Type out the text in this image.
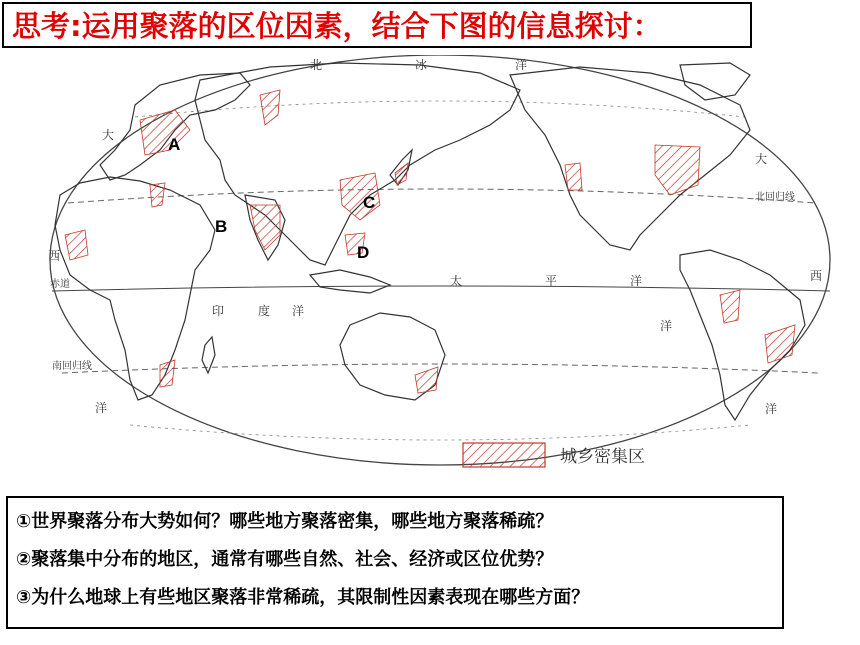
思考:运用聚落的区位因素，结合下图的信息探讨：
A
B
C
D
北	冰	洋
大
西
洋
太	平	洋
大
西
印	度 洋
洋
洋
北回归线
赤道
南回归线
城乡密集区
①世界聚落分布大势如何？哪些地方聚落密集，哪些地方聚落稀疏？
②聚落集中分布的地区，通常有哪些自然、社会、经济或区位优势？
③为什么地球上有些地区聚落非常稀疏，其限制性因素表现在哪些方面？
